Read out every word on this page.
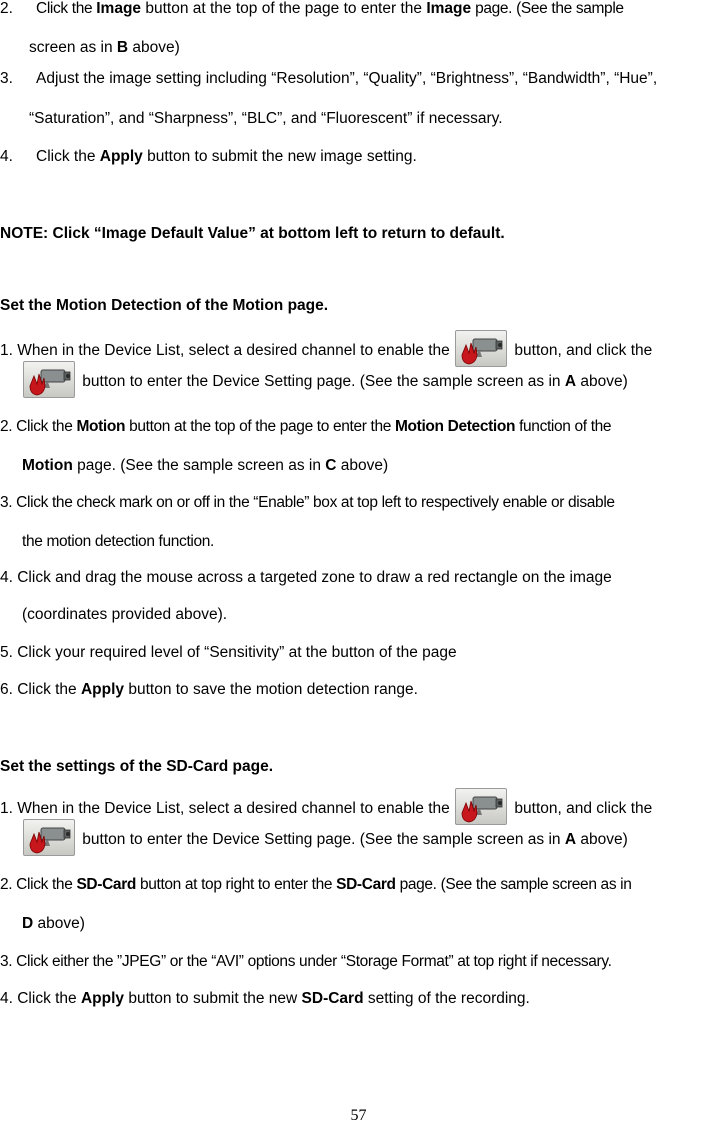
2. Click the Image button at the top of the page to enter the Image page. (See the sample
screen as in B above)
3. Adjust the image setting including “Resolution”, “Quality”, “Brightness”, “Bandwidth”, “Hue”,
“Saturation”, and “Sharpness”, “BLC”, and “Fluorescent” if necessary.
4. Click the Apply button to submit the new image setting.
NOTE: Click “Image Default Value” at bottom left to return to default.
Set the Motion Detection of the Motion page.
1. When in the Device List, select a desired channel to enable the	button, and click the
button to enter the Device Setting page. (See the sample screen as in A above)
2. Click the Motion button at the top of the page to enter the Motion Detection function of the
Motion page. (See the sample screen as in C above)
3. Click the check mark on or off in the “Enable” box at top left to respectively enable or disable
the motion detection function.
4. Click and drag the mouse across a targeted zone to draw a red rectangle on the image
(coordinates provided above).
5. Click your required level of “Sensitivity” at the button of the page
6. Click the Apply button to save the motion detection range.
Set the settings of the SD-Card page.
1. When in the Device List, select a desired channel to enable the	button, and click the
button to enter the Device Setting page. (See the sample screen as in A above)
2. Click the SD-Card button at top right to enter the SD-Card page. (See the sample screen as in
D above)
3. Click either the ”JPEG” or the “AVI” options under “Storage Format” at top right if necessary.
4. Click the Apply button to submit the new SD-Card setting of the recording.
57
